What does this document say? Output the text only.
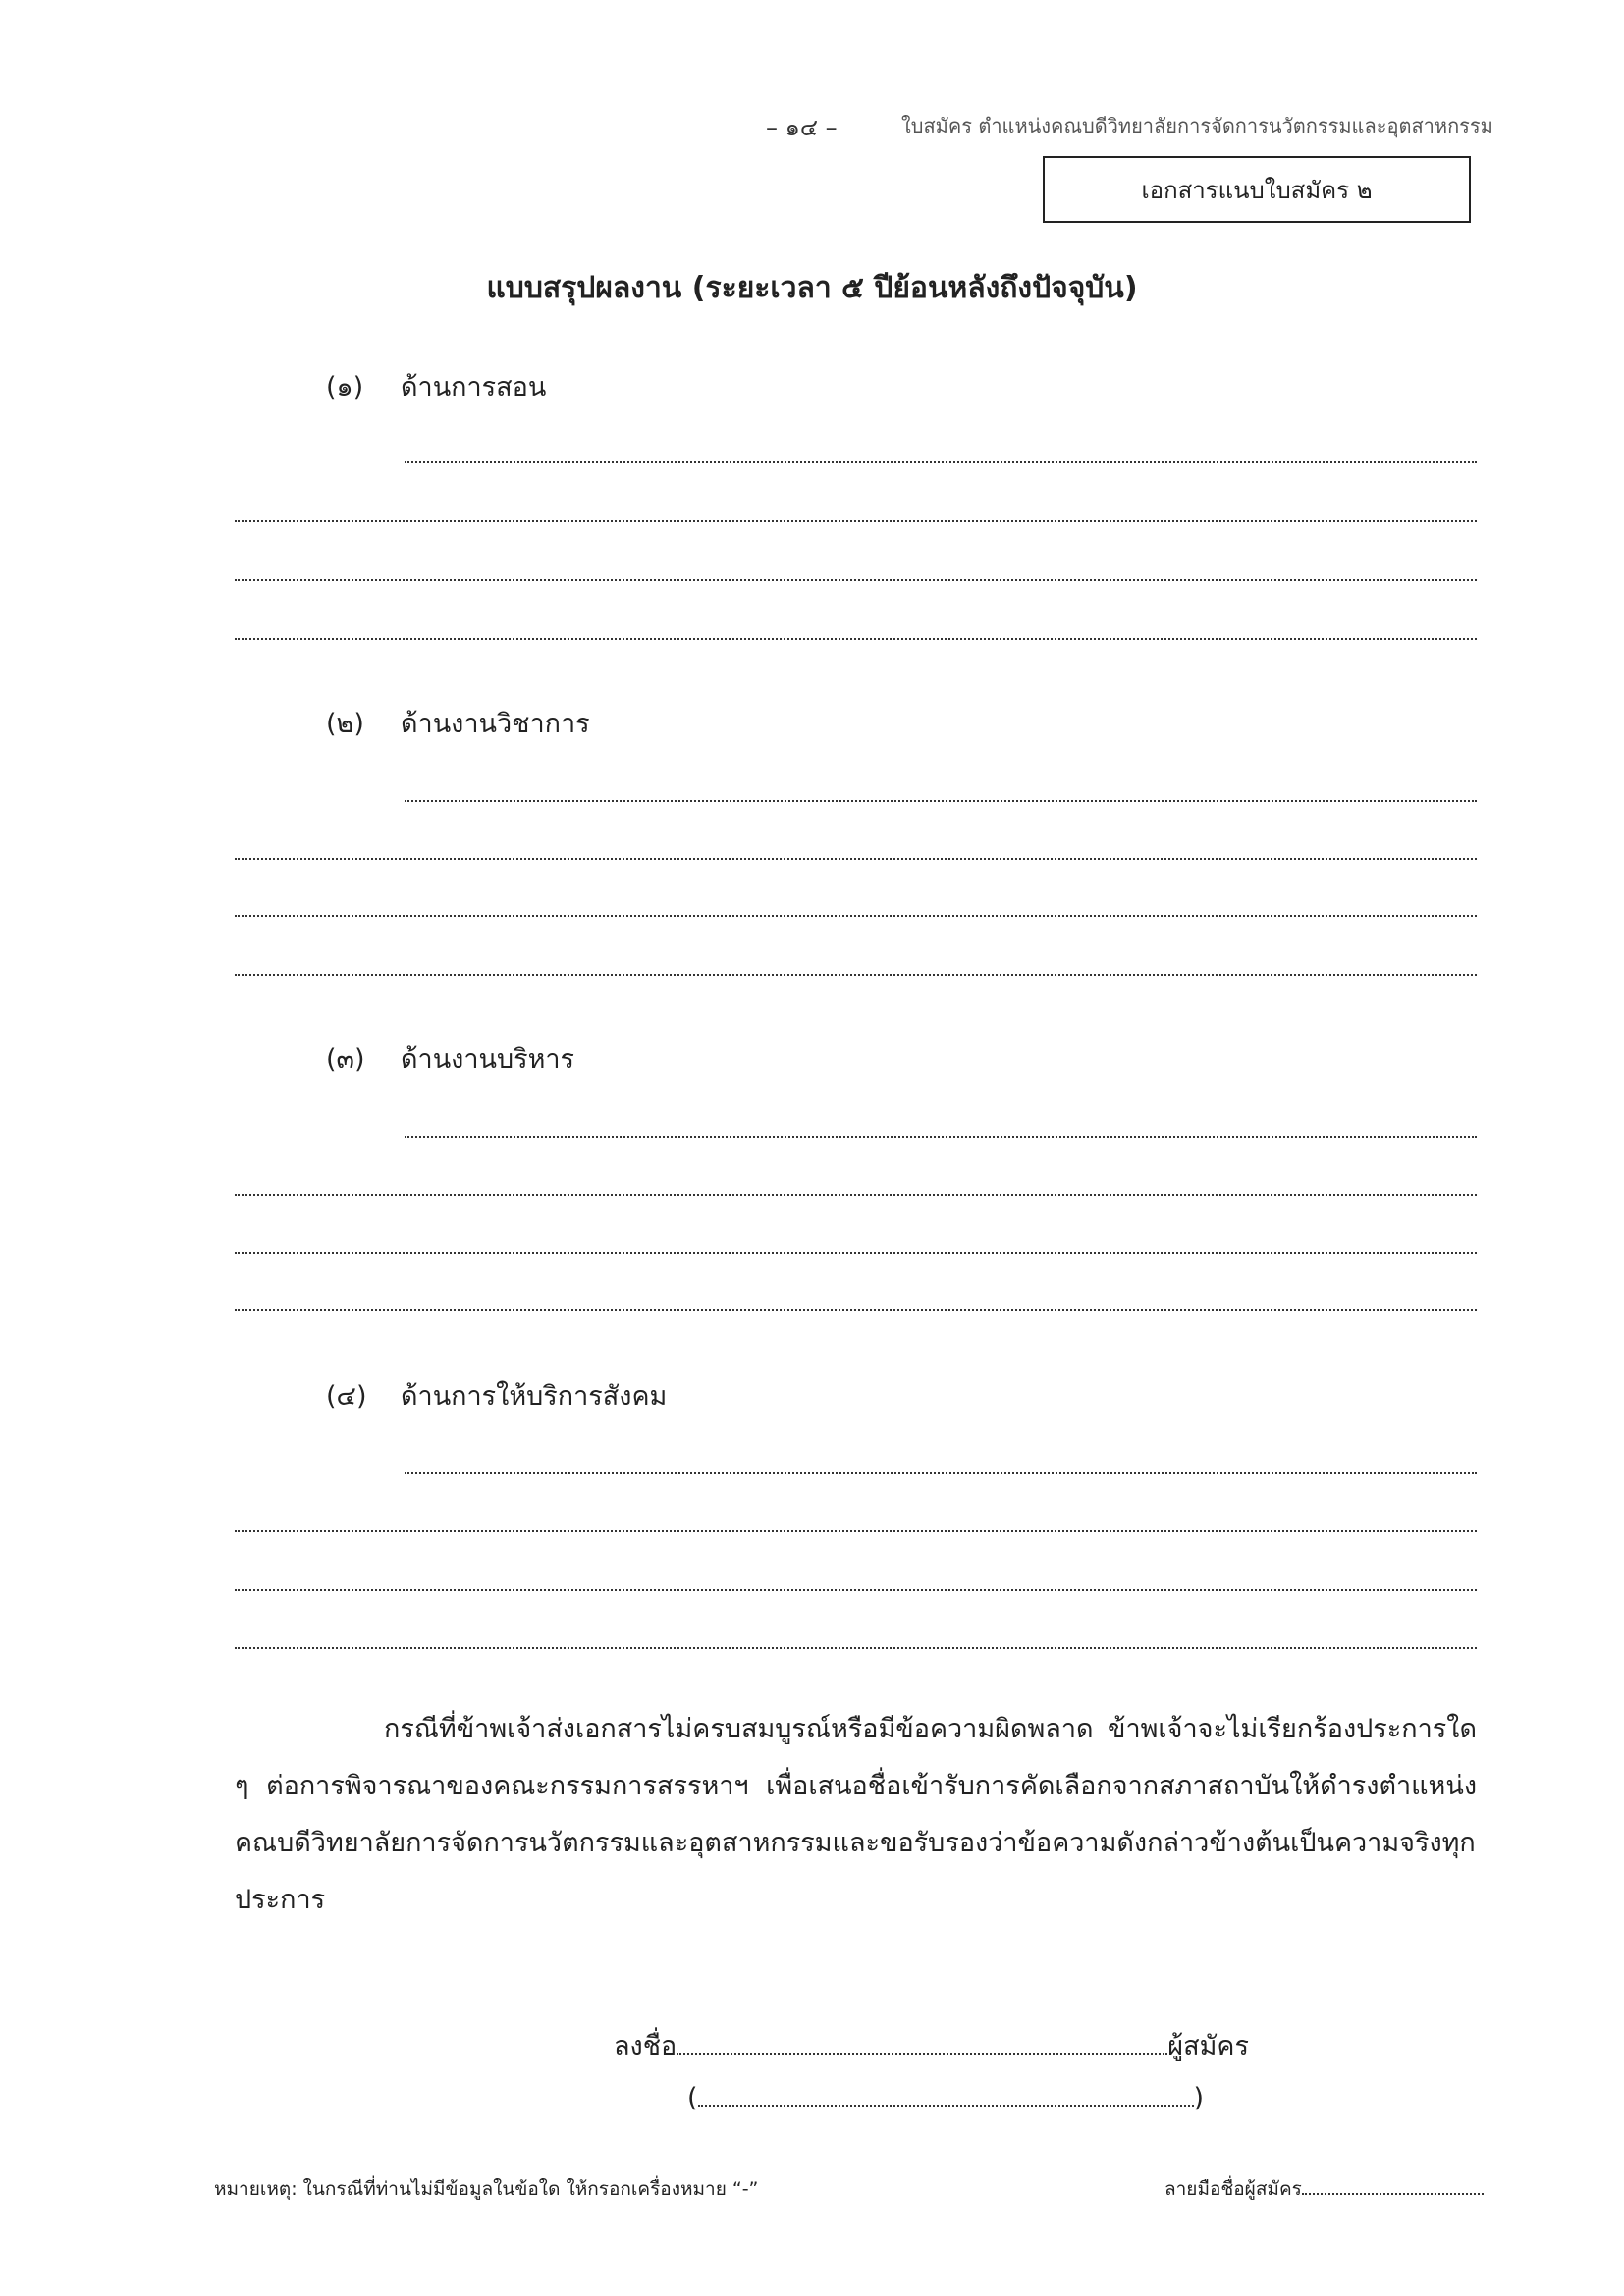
– ๑๔ –	ใบสมัคร ตำแหน่งคณบดีวิทยาลัยการจัดการนวัตกรรมและอุตสาหกรรม
เอกสารแนบใบสมัคร ๒
แบบสรุปผลงาน (ระยะเวลา ๕ ปีย้อนหลังถึงปัจจุบัน)
(๑) ด้านการสอน
(๒) ด้านงานวิชาการ
(๓) ด้านงานบริหาร
(๔) ด้านการให้บริการสังคม
กรณีที่ข้าพเจ้าส่งเอกสารไม่ครบสมบูรณ์หรือมีข้อความผิดพลาด ข้าพเจ้าจะไม่เรียกร้องประการใด ๆ ต่อการพิจารณาของคณะกรรมการสรรหาฯ เพื่อเสนอชื่อเข้ารับการคัดเลือกจากสภาสถาบันให้ดำรงตำแหน่งคณบดีวิทยาลัยการจัดการนวัตกรรมและอุตสาหกรรมและขอรับรองว่าข้อความดังกล่าวข้างต้นเป็นความจริงทุกประการ
ลงชื่อ	ผู้สมัคร
(	)
หมายเหตุ: ในกรณีที่ท่านไม่มีข้อมูลในข้อใด ให้กรอกเครื่องหมาย “-”	ลายมือชื่อผู้สมัคร
